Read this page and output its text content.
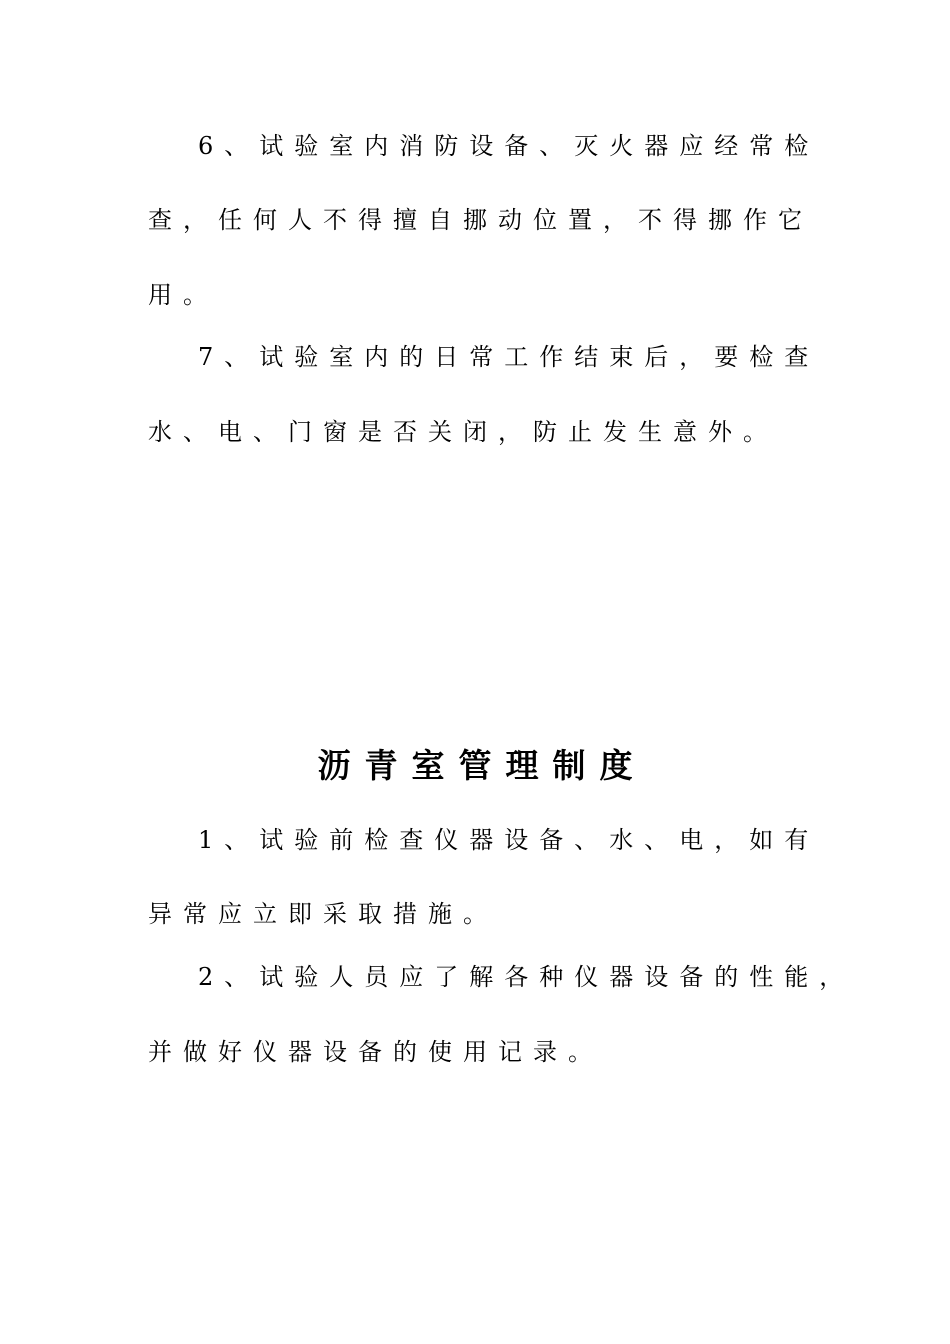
6、试验室内消防设备、灭火器应经常检
查，任何人不得擅自挪动位置，不得挪作它
用。
7、试验室内的日常工作结束后，要检查
水、电、门窗是否关闭，防止发生意外。
沥青室管理制度
1、试验前检查仪器设备、水、电，如有
异常应立即采取措施。
2、试验人员应了解各种仪器设备的性能，
并做好仪器设备的使用记录。
